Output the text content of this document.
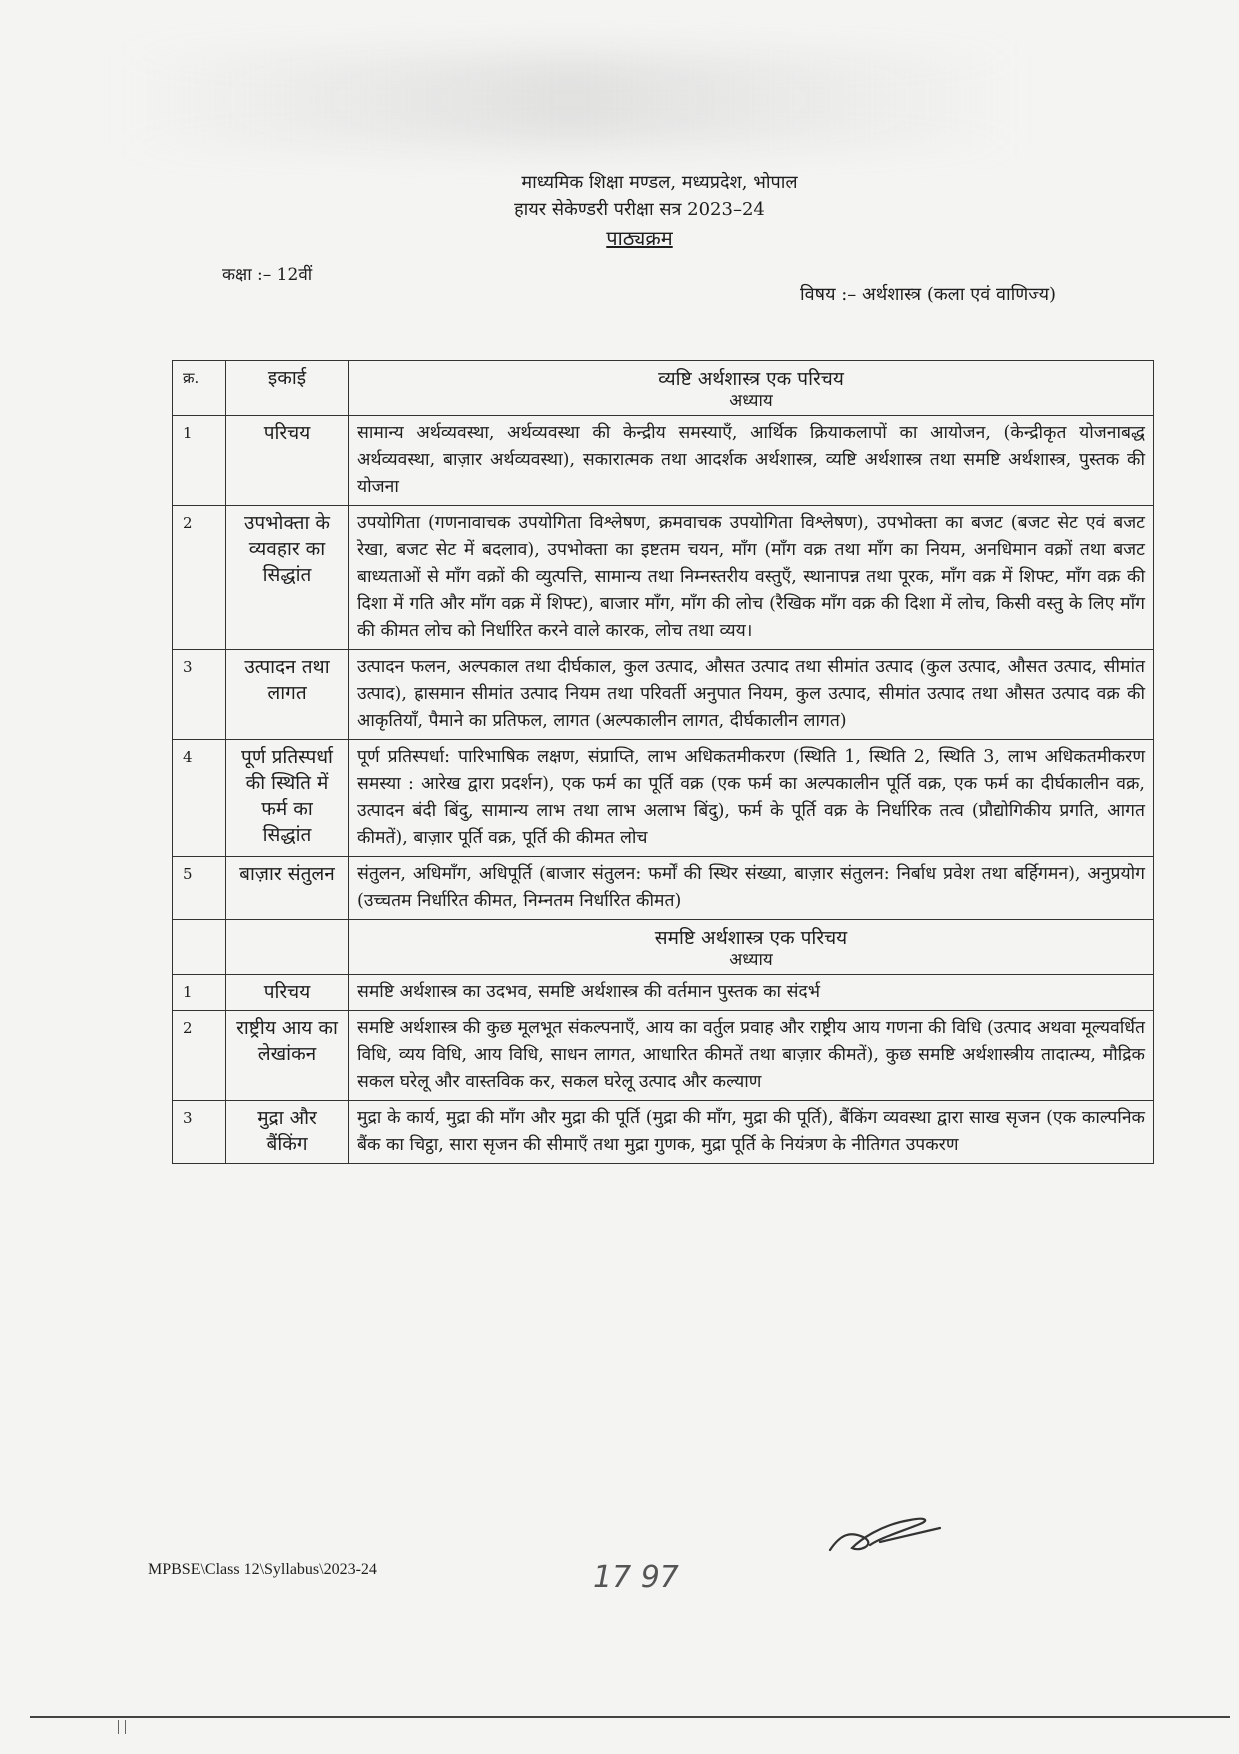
माध्यमिक शिक्षा मण्डल, मध्यप्रदेश, भोपाल
हायर सेकेण्डरी परीक्षा सत्र 2023–24
पाठ्यक्रम
कक्षा :– 12वीं
विषय :– अर्थशास्त्र (कला एवं वाणिज्य)
क्र.	इकाई	व्यष्टि अर्थशास्त्र एक परिचय
अध्याय

1	परिचय	सामान्य अर्थव्यवस्था, अर्थव्यवस्था की केन्द्रीय समस्याएँ, आर्थिक क्रियाकलापों का आयोजन, (केन्द्रीकृत योजनाबद्ध अर्थव्यवस्था, बाज़ार अर्थव्यवस्था), सकारात्मक तथा आदर्शक अर्थशास्त्र, व्यष्टि अर्थशास्त्र तथा समष्टि अर्थशास्त्र, पुस्तक की योजना
2	उपभोक्ता के व्यवहार का सिद्धांत	उपयोगिता (गणनावाचक उपयोगिता विश्लेषण, क्रमवाचक उपयोगिता विश्लेषण), उपभोक्ता का बजट (बजट सेट एवं बजट रेखा, बजट सेट में बदलाव), उपभोक्ता का इष्टतम चयन, माँग (माँग वक्र तथा माँग का नियम, अनधिमान वक्रों तथा बजट बाध्यताओं से माँग वक्रों की व्युत्पत्ति, सामान्य तथा निम्नस्तरीय वस्तुएँ, स्थानापन्न तथा पूरक, माँग वक्र में शिफ्ट, माँग वक्र की दिशा में गति और माँग वक्र में शिफ्ट), बाजार माँग, माँग की लोच (रैखिक माँग वक्र की दिशा में लोच, किसी वस्तु के लिए माँग की कीमत लोच को निर्धारित करने वाले कारक, लोच तथा व्यय।
3	उत्पादन तथा लागत	उत्पादन फलन, अल्पकाल तथा दीर्घकाल, कुल उत्पाद, औसत उत्पाद तथा सीमांत उत्पाद (कुल उत्पाद, औसत उत्पाद, सीमांत उत्पाद), ह्रासमान सीमांत उत्पाद नियम तथा परिवर्ती अनुपात नियम, कुल उत्पाद, सीमांत उत्पाद तथा औसत उत्पाद वक्र की आकृतियाँ, पैमाने का प्रतिफल, लागत (अल्पकालीन लागत, दीर्घकालीन लागत)
4	पूर्ण प्रतिस्पर्धा की स्थिति में फर्म का सिद्धांत	पूर्ण प्रतिस्पर्धा: पारिभाषिक लक्षण, संप्राप्ति, लाभ अधिकतमीकरण (स्थिति 1, स्थिति 2, स्थिति 3, लाभ अधिकतमीकरण समस्या : आरेख द्वारा प्रदर्शन), एक फर्म का पूर्ति वक्र (एक फर्म का अल्पकालीन पूर्ति वक्र, एक फर्म का दीर्घकालीन वक्र, उत्पादन बंदी बिंदु, सामान्य लाभ तथा लाभ अलाभ बिंदु), फर्म के पूर्ति वक्र के निर्धारिक तत्व (प्रौद्योगिकीय प्रगति, आगत कीमतें), बाज़ार पूर्ति वक्र, पूर्ति की कीमत लोच
5	बाज़ार संतुलन	संतुलन, अधिमाँग, अधिपूर्ति (बाजार संतुलन: फर्मों की स्थिर संख्या, बाज़ार संतुलन: निर्बाध प्रवेश तथा बर्हिगमन), अनुप्रयोग (उच्चतम निर्धारित कीमत, निम्नतम निर्धारित कीमत)

		समष्टि अर्थशास्त्र एक परिचय
अध्याय

1	परिचय	समष्टि अर्थशास्त्र का उदभव, समष्टि अर्थशास्त्र की वर्तमान पुस्तक का संदर्भ
2	राष्ट्रीय आय का लेखांकन	समष्टि अर्थशास्त्र की कुछ मूलभूत संकल्पनाएँ, आय का वर्तुल प्रवाह और राष्ट्रीय आय गणना की विधि (उत्पाद अथवा मूल्यवर्धित विधि, व्यय विधि, आय विधि, साधन लागत, आधारित कीमतें तथा बाज़ार कीमतें), कुछ समष्टि अर्थशास्त्रीय तादात्म्य, मौद्रिक सकल घरेलू और वास्तविक कर, सकल घरेलू उत्पाद और कल्याण
3	मुद्रा और बैंकिंग	मुद्रा के कार्य, मुद्रा की माँग और मुद्रा की पूर्ति (मुद्रा की माँग, मुद्रा की पूर्ति), बैंकिंग व्यवस्था द्वारा साख सृजन (एक काल्पनिक बैंक का चिट्ठा, सारा सृजन की सीमाएँ तथा मुद्रा गुणक, मुद्रा पूर्ति के नियंत्रण के नीतिगत उपकरण
MPBSE\Class 12\Syllabus\2023-24	17 97
